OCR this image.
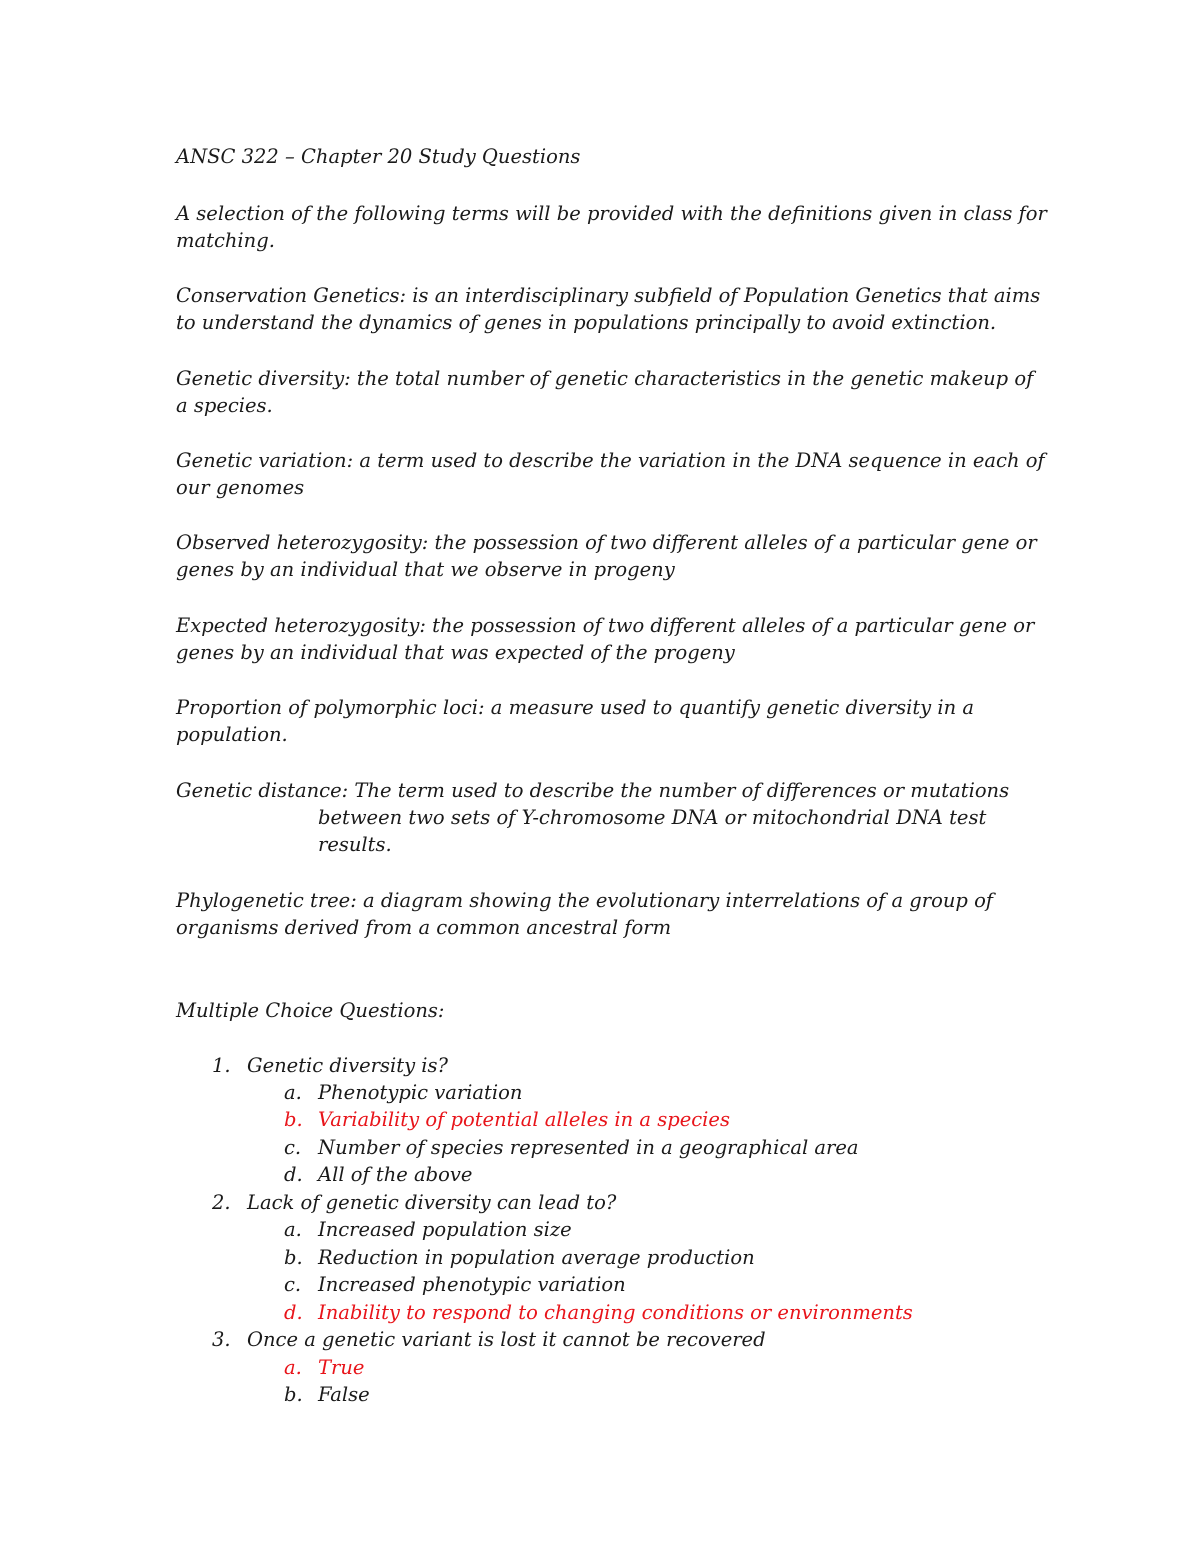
ANSC 322 – Chapter 20 Study Questions
A selection of the following terms will be provided with the definitions given in class for
matching.
Conservation Genetics: is an interdisciplinary subfield of Population Genetics that aims
to understand the dynamics of genes in populations principally to avoid extinction.
Genetic diversity: the total number of genetic characteristics in the genetic makeup of
a species.
Genetic variation: a term used to describe the variation in the DNA sequence in each of
our genomes
Observed heterozygosity: the possession of two different alleles of a particular gene or
genes by an individual that we observe in progeny
Expected heterozygosity: the possession of two different alleles of a particular gene or
genes by an individual that was expected of the progeny
Proportion of polymorphic loci: a measure used to quantify genetic diversity in a
population.
Genetic distance: The term used to describe the number of differences or mutations
between two sets of Y-chromosome DNA or mitochondrial DNA test
results.
Phylogenetic tree: a diagram showing the evolutionary interrelations of a group of
organisms derived from a common ancestral form
Multiple Choice Questions:
1. Genetic diversity is?
a. Phenotypic variation
b. Variability of potential alleles in a species
c. Number of species represented in a geographical area
d. All of the above
2. Lack of genetic diversity can lead to?
a. Increased population size
b. Reduction in population average production
c. Increased phenotypic variation
d. Inability to respond to changing conditions or environments
3. Once a genetic variant is lost it cannot be recovered
a. True
b. False
